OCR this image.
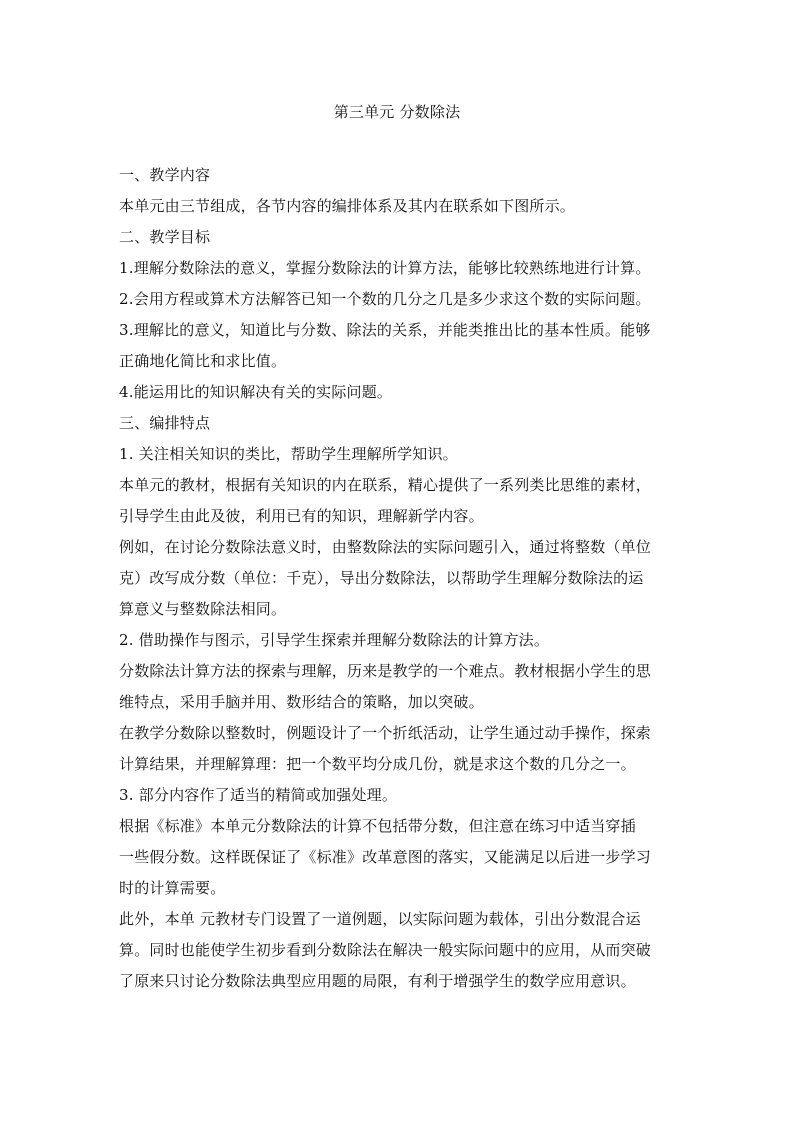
第三单元 分数除法
一、教学内容
本单元由三节组成，各节内容的编排体系及其内在联系如下图所示。
二、教学目标
1.理解分数除法的意义，掌握分数除法的计算方法，能够比较熟练地进行计算。
2.会用方程或算术方法解答已知一个数的几分之几是多少求这个数的实际问题。
3.理解比的意义，知道比与分数、除法的关系，并能类推出比的基本性质。能够
正确地化简比和求比值。
4.能运用比的知识解决有关的实际问题。
三、编排特点
1. 关注相关知识的类比，帮助学生理解所学知识。
本单元的教材，根据有关知识的内在联系，精心提供了一系列类比思维的素材，
引导学生由此及彼，利用已有的知识，理解新学内容。
例如，在讨论分数除法意义时，由整数除法的实际问题引入，通过将整数（单位
克）改写成分数（单位：千克），导出分数除法，以帮助学生理解分数除法的运
算意义与整数除法相同。
2. 借助操作与图示，引导学生探索并理解分数除法的计算方法。
分数除法计算方法的探索与理解，历来是教学的一个难点。教材根据小学生的思
维特点，采用手脑并用、数形结合的策略，加以突破。
在教学分数除以整数时，例题设计了一个折纸活动，让学生通过动手操作，探索
计算结果，并理解算理：把一个数平均分成几份，就是求这个数的几分之一。
3. 部分内容作了适当的精简或加强处理。
根据《标准》本单元分数除法的计算不包括带分数，但注意在练习中适当穿插
一些假分数。这样既保证了《标准》改革意图的落实，又能满足以后进一步学习
时的计算需要。
此外，本单 元教材专门设置了一道例题，以实际问题为载体，引出分数混合运
算。同时也能使学生初步看到分数除法在解决一般实际问题中的应用，从而突破
了原来只讨论分数除法典型应用题的局限，有利于增强学生的数学应用意识。
